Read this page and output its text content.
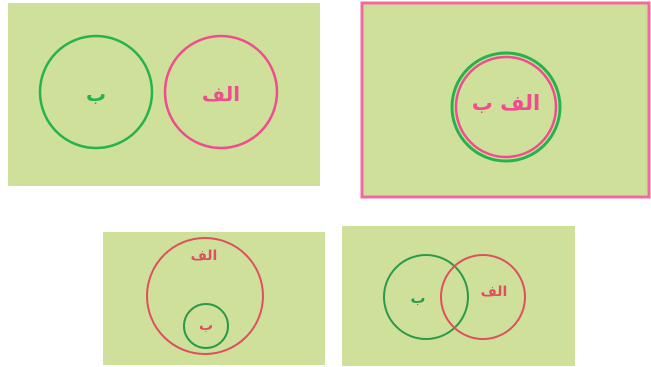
ب	الف	الف ب
الف
ب
ب	الف
